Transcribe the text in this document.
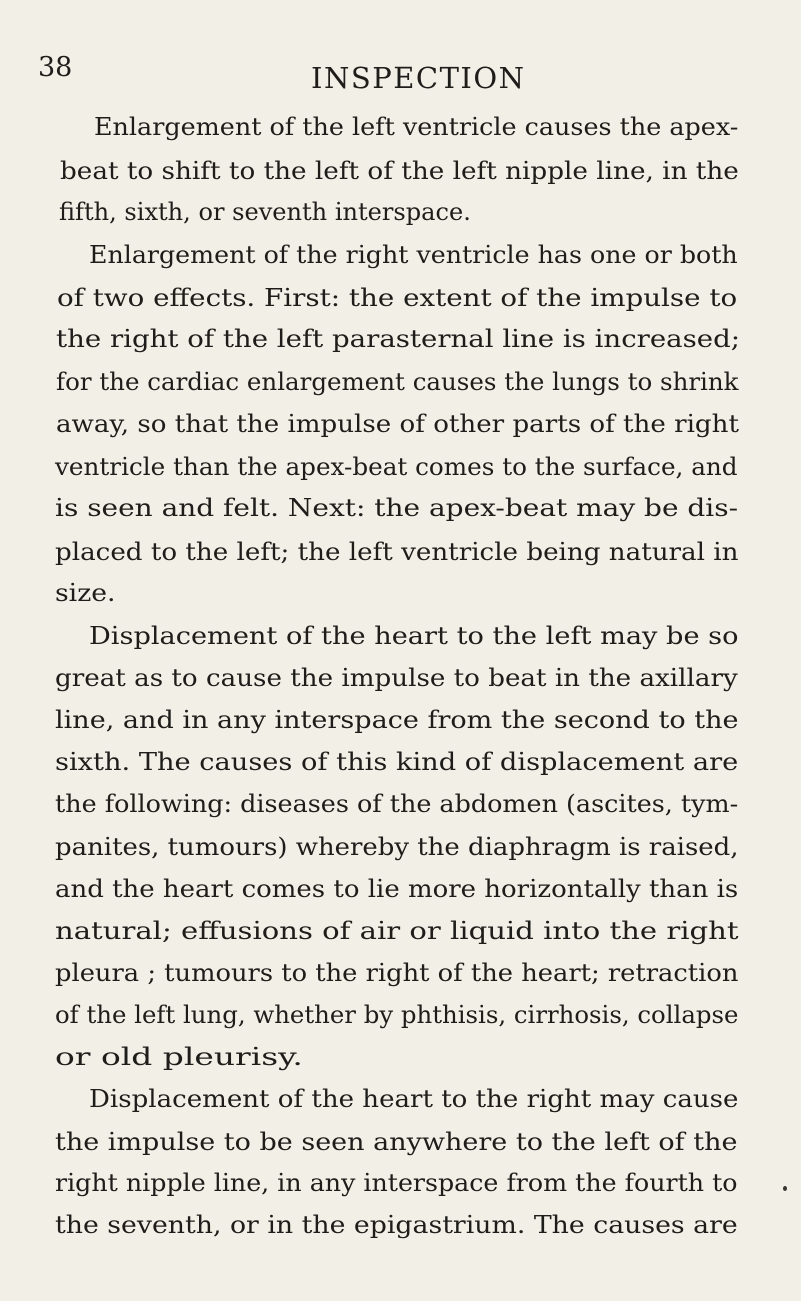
38	INSPECTION
Enlargement of the left ventricle causes the apex-
beat to shift to the left of the left nipple line, in the
fifth, sixth, or seventh interspace.
Enlargement of the right ventricle has one or both
of two effects. First: the extent of the impulse to
the right of the left parasternal line is increased;
for the cardiac enlargement causes the lungs to shrink
away, so that the impulse of other parts of the right
ventricle than the apex-beat comes to the surface, and
is seen and felt. Next: the apex-beat may be dis-
placed to the left; the left ventricle being natural in
size.
Displacement of the heart to the left may be so
great as to cause the impulse to beat in the axillary
line, and in any interspace from the second to the
sixth. The causes of this kind of displacement are
the following: diseases of the abdomen (ascites, tym-
panites, tumours) whereby the diaphragm is raised,
and the heart comes to lie more horizontally than is
natural; effusions of air or liquid into the right
pleura ; tumours to the right of the heart; retraction
of the left lung, whether by phthisis, cirrhosis, collapse
or old pleurisy.
Displacement of the heart to the right may cause
the impulse to be seen anywhere to the left of the
right nipple line, in any interspace from the fourth to
the seventh, or in the epigastrium. The causes are
